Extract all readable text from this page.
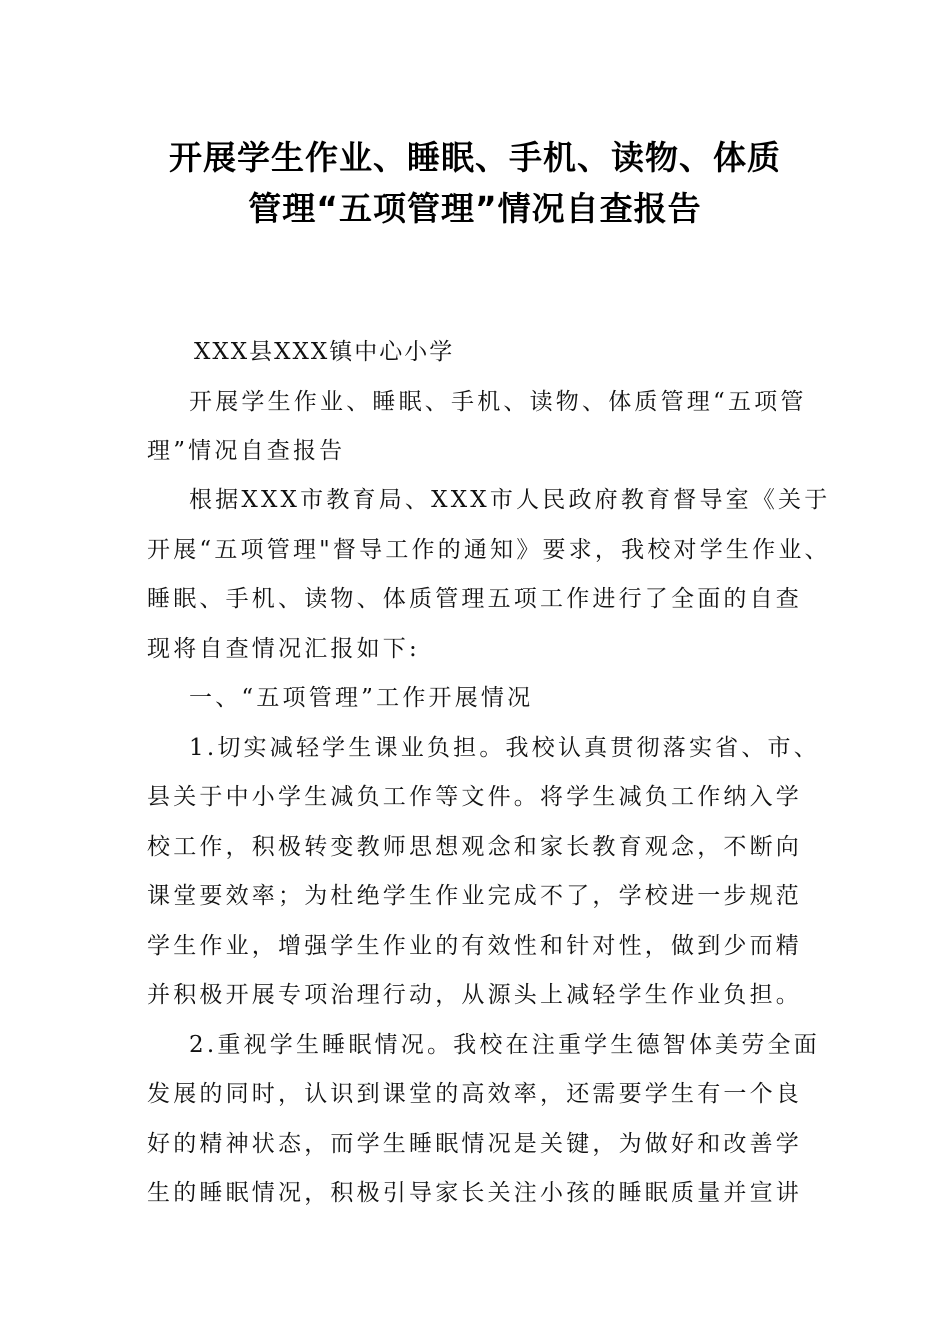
开展学生作业、睡眠、手机、读物、体质
管理“五项管理”情况自查报告
XXX县XXX镇中心小学
开展学生作业、睡眠、手机、读物、体质管理“五项管
理”情况自查报告
根据XXX市教育局、XXX市人民政府教育督导室《关于
开展“五项管理"督导工作的通知》要求，我校对学生作业、
睡眠、手机、读物、体质管理五项工作进行了全面的自查
现将自查情况汇报如下:
一、“五项管理”工作开展情况
1.切实减轻学生课业负担。我校认真贯彻落实省、市、
县关于中小学生减负工作等文件。将学生减负工作纳入学
校工作，积极转变教师思想观念和家长教育观念，不断向
课堂要效率；为杜绝学生作业完成不了，学校进一步规范
学生作业，增强学生作业的有效性和针对性，做到少而精
并积极开展专项治理行动，从源头上减轻学生作业负担。
2.重视学生睡眠情况。我校在注重学生德智体美劳全面
发展的同时，认识到课堂的高效率，还需要学生有一个良
好的精神状态，而学生睡眠情况是关键，为做好和改善学
生的睡眠情况，积极引导家长关注小孩的睡眠质量并宣讲
